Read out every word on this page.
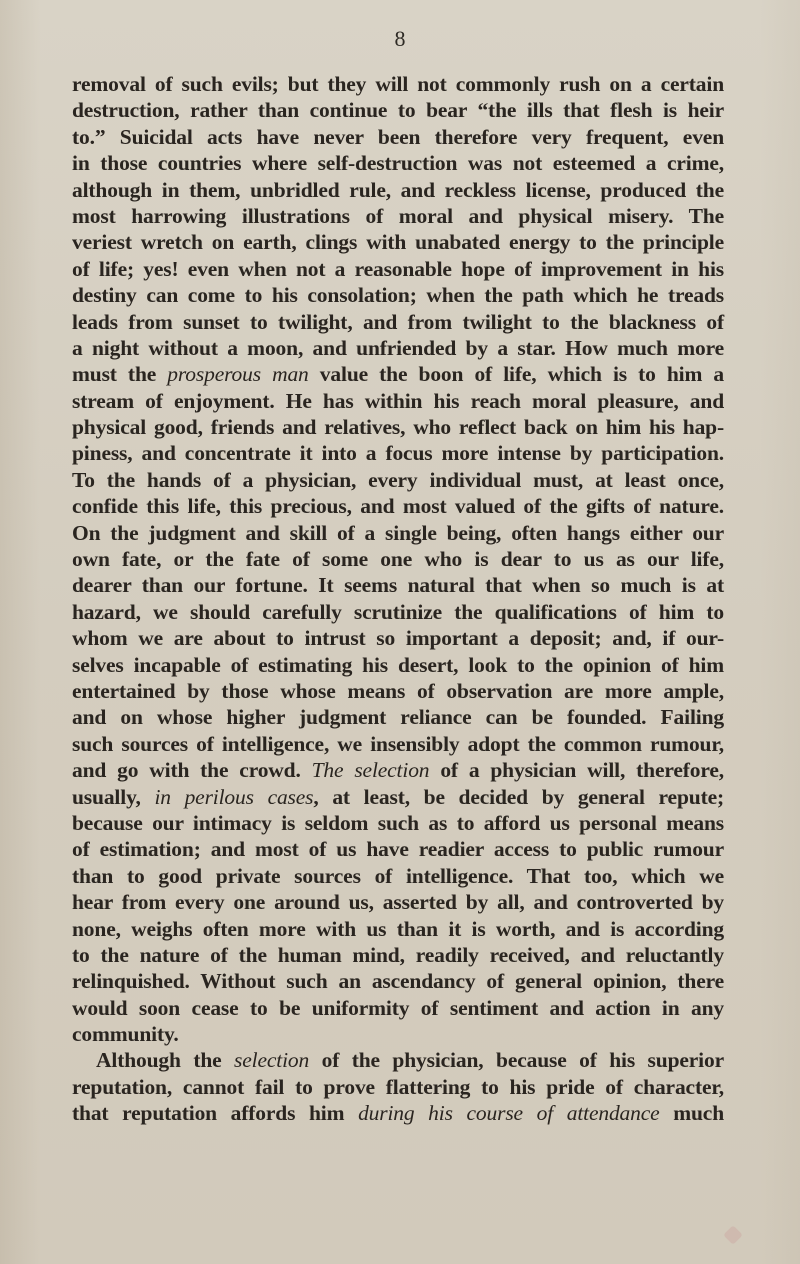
8
removal of such evils; but they will not commonly rush on a certain
destruction, rather than continue to bear “the ills that flesh is heir
to.” Suicidal acts have never been therefore very frequent, even
in those countries where self-destruction was not esteemed a crime,
although in them, unbridled rule, and reckless license, produced the
most harrowing illustrations of moral and physical misery. The
veriest wretch on earth, clings with unabated energy to the principle
of life; yes! even when not a reasonable hope of improvement in his
destiny can come to his consolation; when the path which he treads
leads from sunset to twilight, and from twilight to the blackness of
a night without a moon, and unfriended by a star. How much more
must the prosperous man value the boon of life, which is to him a
stream of enjoyment. He has within his reach moral pleasure, and
physical good, friends and relatives, who reflect back on him his hap-
piness, and concentrate it into a focus more intense by participation.
To the hands of a physician, every individual must, at least once,
confide this life, this precious, and most valued of the gifts of nature.
On the judgment and skill of a single being, often hangs either our
own fate, or the fate of some one who is dear to us as our life,
dearer than our fortune. It seems natural that when so much is at
hazard, we should carefully scrutinize the qualifications of him to
whom we are about to intrust so important a deposit; and, if our-
selves incapable of estimating his desert, look to the opinion of him
entertained by those whose means of observation are more ample,
and on whose higher judgment reliance can be founded. Failing
such sources of intelligence, we insensibly adopt the common rumour,
and go with the crowd. The selection of a physician will, therefore,
usually, in perilous cases, at least, be decided by general repute;
because our intimacy is seldom such as to afford us personal means
of estimation; and most of us have readier access to public rumour
than to good private sources of intelligence. That too, which we
hear from every one around us, asserted by all, and controverted by
none, weighs often more with us than it is worth, and is according
to the nature of the human mind, readily received, and reluctantly
relinquished. Without such an ascendancy of general opinion, there
would soon cease to be uniformity of sentiment and action in any
community.
Although the selection of the physician, because of his superior
reputation, cannot fail to prove flattering to his pride of character,
that reputation affords him during his course of attendance much
